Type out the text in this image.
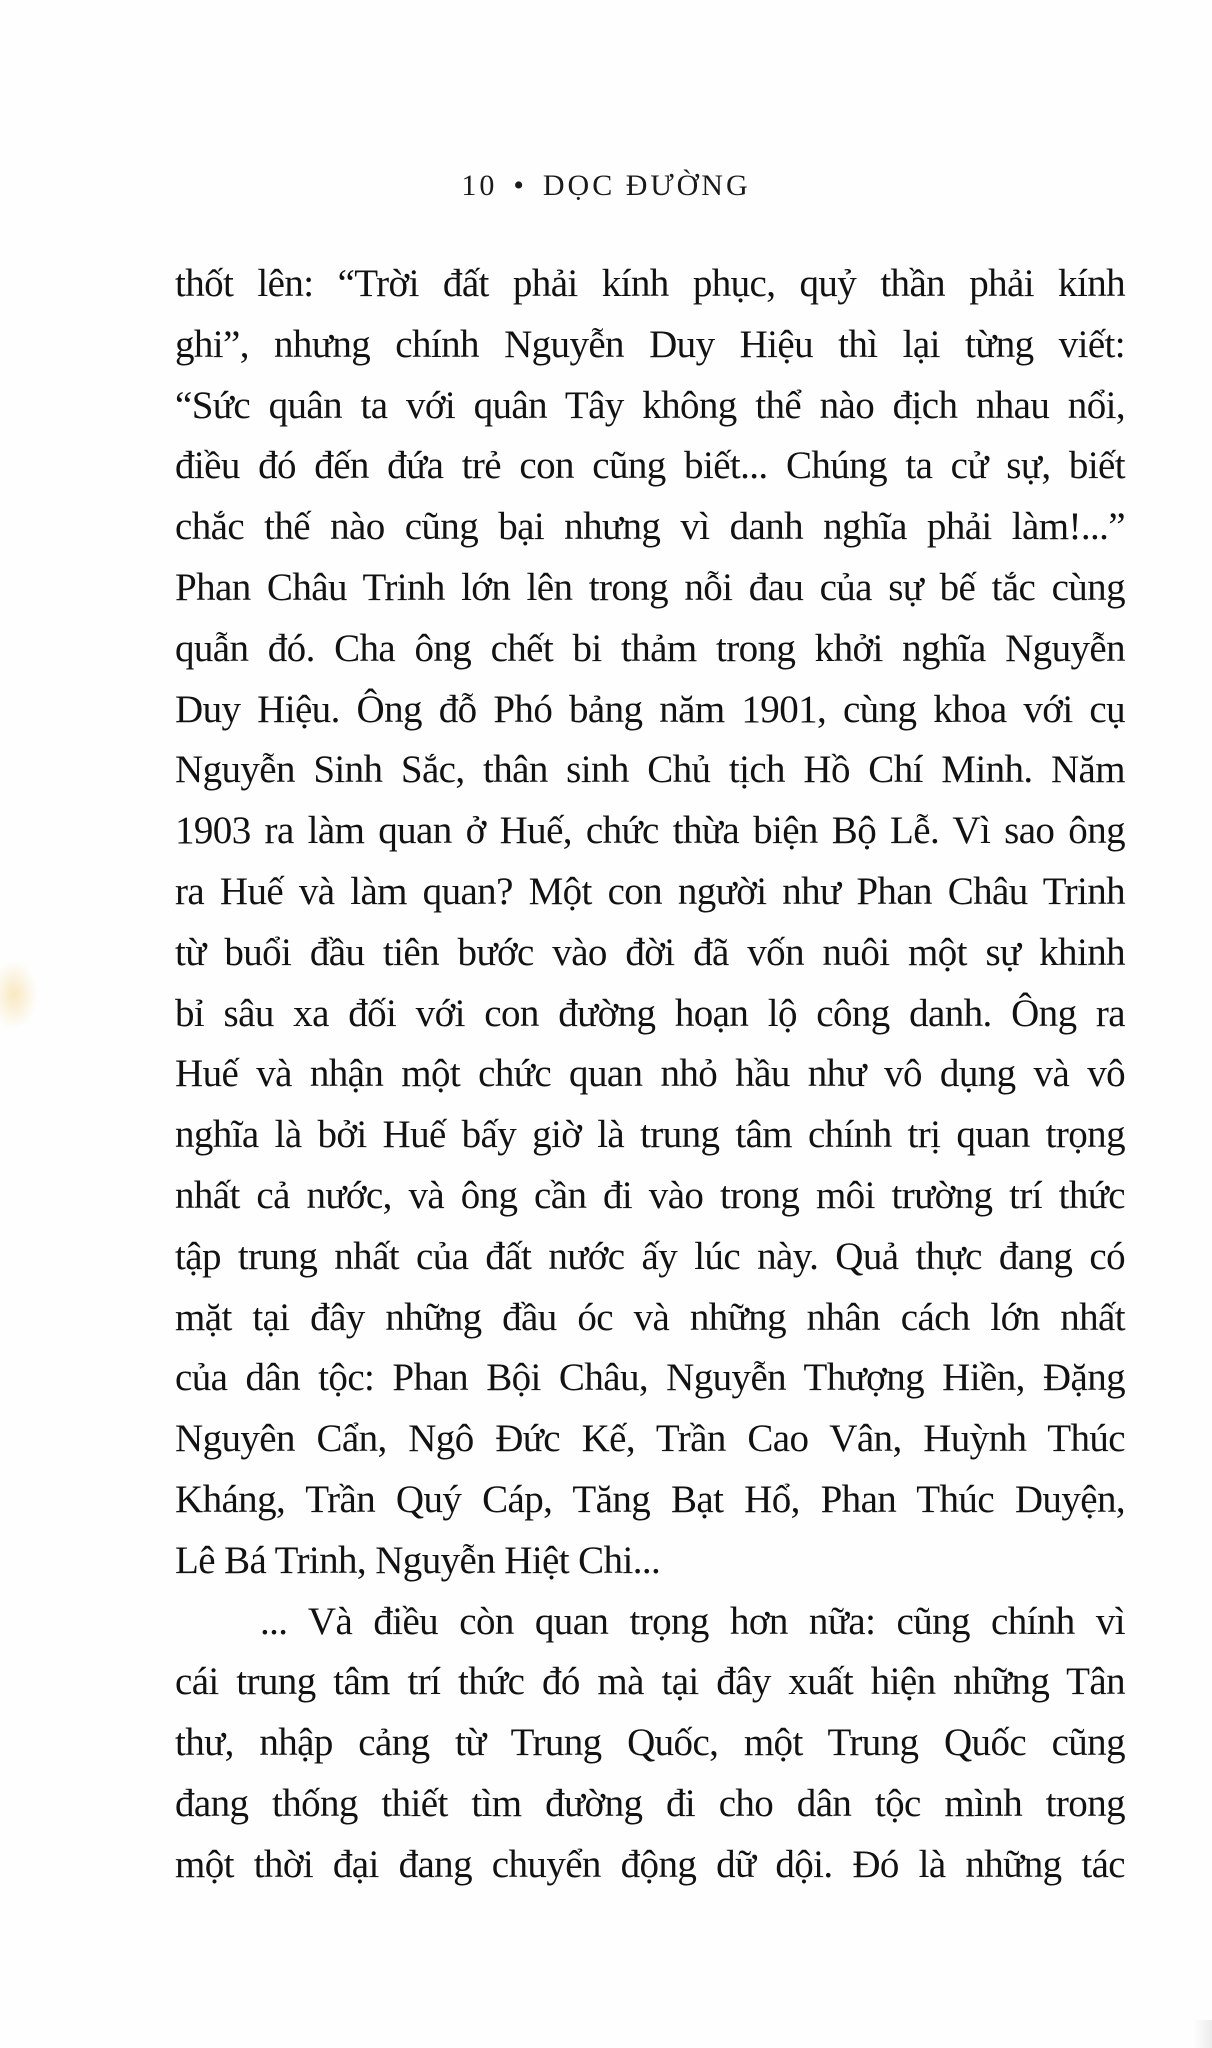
10 • DỌC ĐƯỜNG
thốt lên: “Trời đất phải kính phục, quỷ thần phải kính
ghi”, nhưng chính Nguyễn Duy Hiệu thì lại từng viết:
“Sức quân ta với quân Tây không thể nào địch nhau nổi,
điều đó đến đứa trẻ con cũng biết... Chúng ta cử sự, biết
chắc thế nào cũng bại nhưng vì danh nghĩa phải làm!...”
Phan Châu Trinh lớn lên trong nỗi đau của sự bế tắc cùng
quẫn đó. Cha ông chết bi thảm trong khởi nghĩa Nguyễn
Duy Hiệu. Ông đỗ Phó bảng năm 1901, cùng khoa với cụ
Nguyễn Sinh Sắc, thân sinh Chủ tịch Hồ Chí Minh. Năm
1903 ra làm quan ở Huế, chức thừa biện Bộ Lễ. Vì sao ông
ra Huế và làm quan? Một con người như Phan Châu Trinh
từ buổi đầu tiên bước vào đời đã vốn nuôi một sự khinh
bỉ sâu xa đối với con đường hoạn lộ công danh. Ông ra
Huế và nhận một chức quan nhỏ hầu như vô dụng và vô
nghĩa là bởi Huế bấy giờ là trung tâm chính trị quan trọng
nhất cả nước, và ông cần đi vào trong môi trường trí thức
tập trung nhất của đất nước ấy lúc này. Quả thực đang có
mặt tại đây những đầu óc và những nhân cách lớn nhất
của dân tộc: Phan Bội Châu, Nguyễn Thượng Hiền, Đặng
Nguyên Cẩn, Ngô Đức Kế, Trần Cao Vân, Huỳnh Thúc
Kháng, Trần Quý Cáp, Tăng Bạt Hổ, Phan Thúc Duyện,
Lê Bá Trinh, Nguyễn Hiệt Chi...
... Và điều còn quan trọng hơn nữa: cũng chính vì
cái trung tâm trí thức đó mà tại đây xuất hiện những Tân
thư, nhập cảng từ Trung Quốc, một Trung Quốc cũng
đang thống thiết tìm đường đi cho dân tộc mình trong
một thời đại đang chuyển động dữ dội. Đó là những tác
